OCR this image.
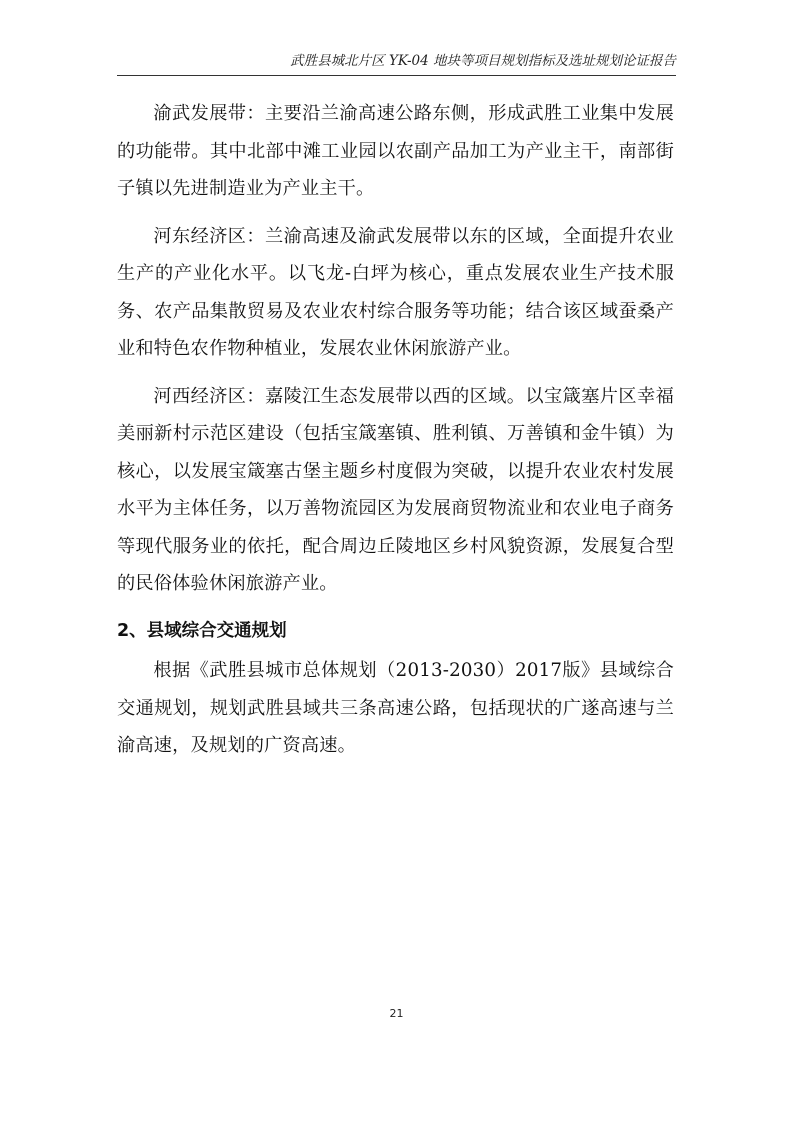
武胜县城北片区 YK-04 地块等项目规划指标及选址规划论证报告

渝武发展带：主要沿兰渝高速公路东侧，形成武胜工业集中发展的功能带。其中北部中滩工业园以农副产品加工为产业主干，南部街子镇以先进制造业为产业主干。

河东经济区：兰渝高速及渝武发展带以东的区域，全面提升农业生产的产业化水平。以飞龙-白坪为核心，重点发展农业生产技术服务、农产品集散贸易及农业农村综合服务等功能；结合该区域蚕桑产业和特色农作物种植业，发展农业休闲旅游产业。

河西经济区：嘉陵江生态发展带以西的区域。以宝箴塞片区幸福美丽新村示范区建设（包括宝箴塞镇、胜利镇、万善镇和金牛镇）为核心，以发展宝箴塞古堡主题乡村度假为突破，以提升农业农村发展水平为主体任务，以万善物流园区为发展商贸物流业和农业电子商务等现代服务业的依托，配合周边丘陵地区乡村风貌资源，发展复合型的民俗体验休闲旅游产业。

2、县域综合交通规划

根据《武胜县城市总体规划（2013-2030）2017版》县域综合交通规划，规划武胜县域共三条高速公路，包括现状的广遂高速与兰渝高速，及规划的广资高速。

21
